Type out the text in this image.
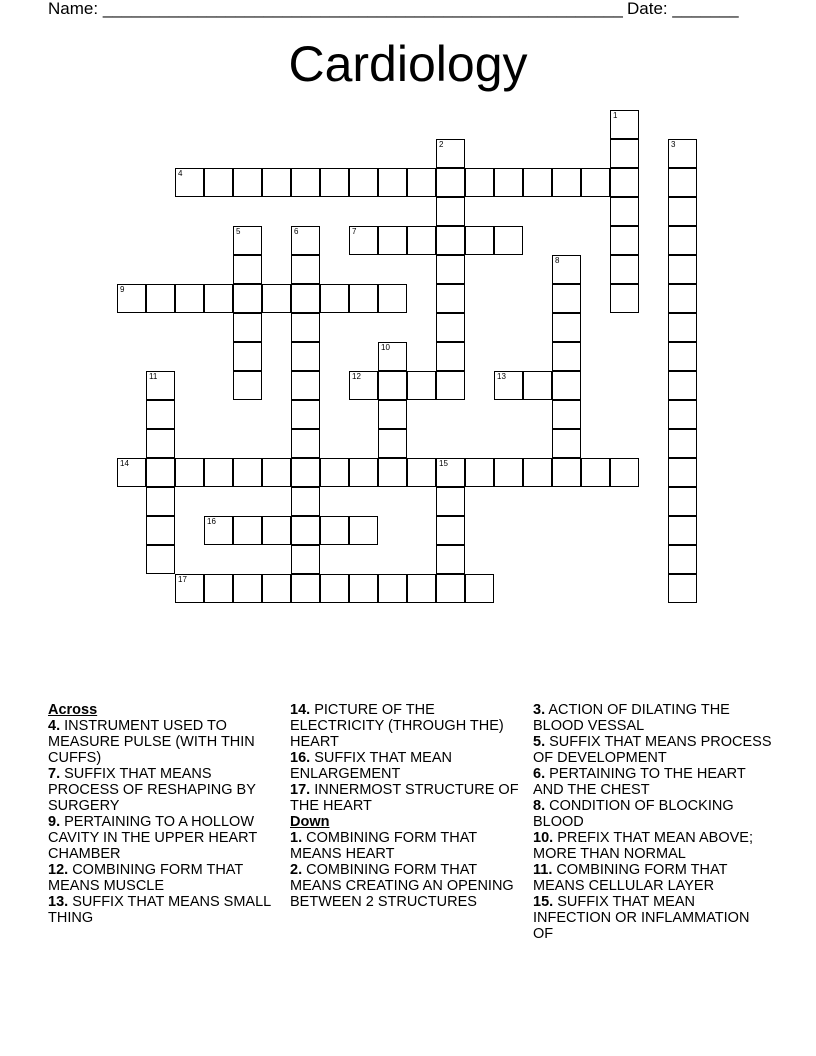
Name: _______________________________________________________ Date: _______
Cardiology
1
2	3
4
5	6	7
8
9
10
11	12	13
14	15
16
17
Across
4. INSTRUMENT USED TO MEASURE PULSE (WITH THIN CUFFS)
7. SUFFIX THAT MEANS PROCESS OF RESHAPING BY SURGERY
9. PERTAINING TO A HOLLOW CAVITY IN THE UPPER HEART CHAMBER
12. COMBINING FORM THAT MEANS MUSCLE
13. SUFFIX THAT MEANS SMALL THING
14. PICTURE OF THE ELECTRICITY (THROUGH THE) HEART
16. SUFFIX THAT MEAN ENLARGEMENT
17. INNERMOST STRUCTURE OF THE HEART
Down
1. COMBINING FORM THAT MEANS HEART
2. COMBINING FORM THAT MEANS CREATING AN OPENING BETWEEN 2 STRUCTURES
3. ACTION OF DILATING THE BLOOD VESSAL
5. SUFFIX THAT MEANS PROCESS OF DEVELOPMENT
6. PERTAINING TO THE HEART AND THE CHEST
8. CONDITION OF BLOCKING BLOOD
10. PREFIX THAT MEAN ABOVE; MORE THAN NORMAL
11. COMBINING FORM THAT MEANS CELLULAR LAYER
15. SUFFIX THAT MEAN INFECTION OR INFLAMMATION OF
